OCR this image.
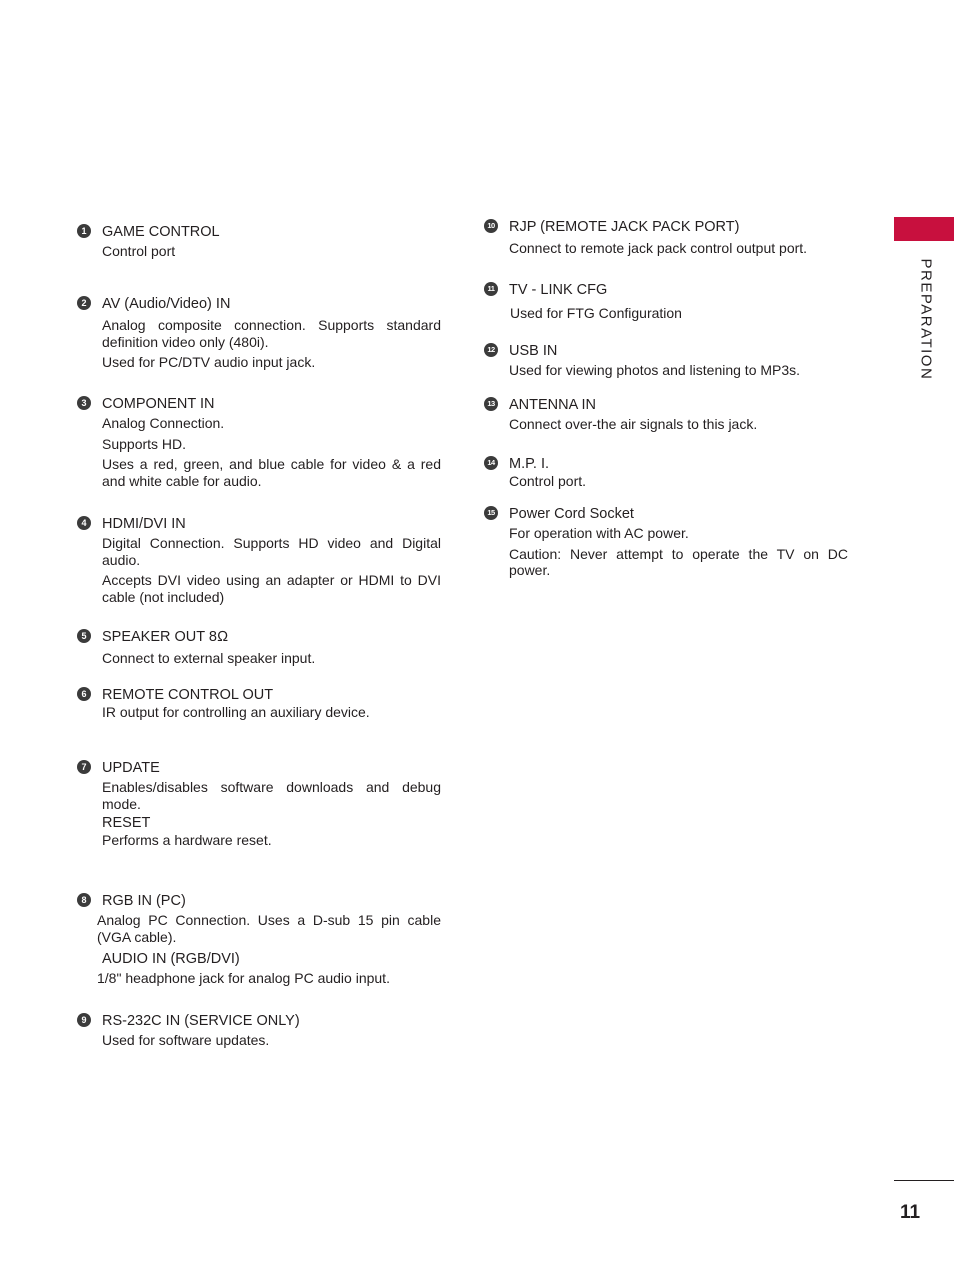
PREPARATION
1	GAME CONTROL

Control port

2	AV (Audio/Video) IN

Analog composite connection. Supports standard definition video only (480i).

Used for PC/DTV audio input jack.

3	COMPONENT IN

Analog Connection.

Supports HD.

Uses a red, green, and blue cable for video & a red and white cable for audio.

4	HDMI/DVI IN

Digital Connection. Supports HD video and Digital audio.

Accepts DVI video using an adapter or HDMI to DVI cable (not included)

5	SPEAKER OUT 8Ω

Connect to external speaker input.

6	REMOTE CONTROL OUT

IR output for controlling an auxiliary device.

7	UPDATE

Enables/disables software downloads and debug mode.

RESET

Performs a hardware reset.

8	RGB IN (PC)

Analog PC Connection. Uses a D-sub 15 pin cable (VGA cable).

AUDIO IN (RGB/DVI)

1/8" headphone jack for analog PC audio input.

9	RS-232C IN (SERVICE ONLY)

Used for software updates.

10 RJP (REMOTE JACK PACK PORT)

Connect to remote jack pack control output port.

11 TV - LINK CFG

Used for FTG Configuration

12 USB IN

Used for viewing photos and listening to MP3s.

13 ANTENNA IN

Connect over-the air signals to this jack.

14 M.P. I.

Control port.

15 Power Cord Socket

For operation with AC power.

Caution: Never attempt to operate the TV on DC power.

11
